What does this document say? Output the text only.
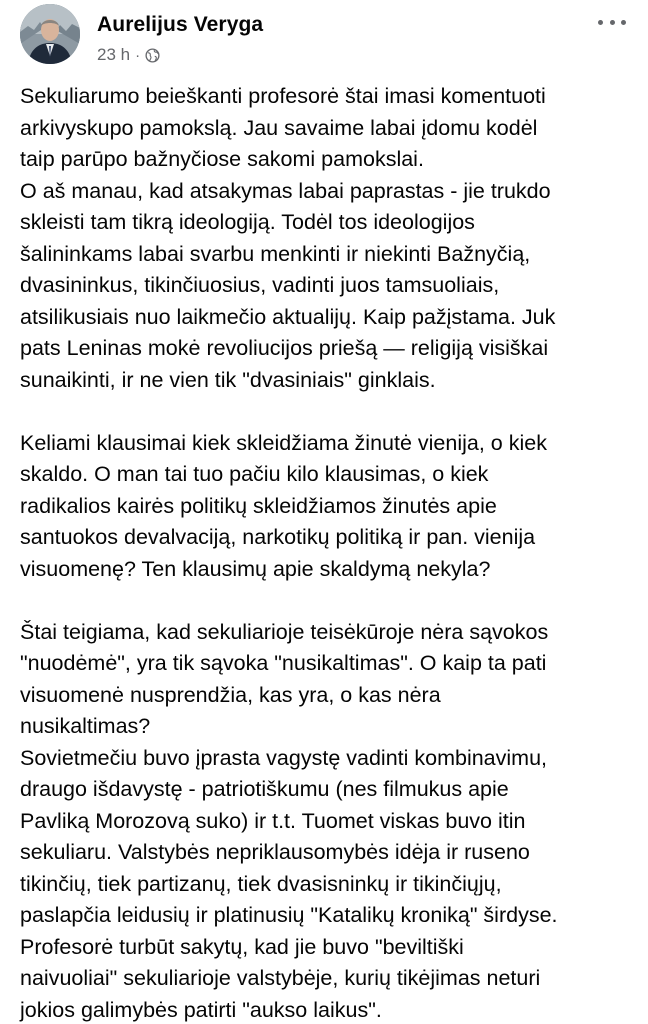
Aurelijus Veryga
23 h ·
Sekuliarumo beieškanti profesorė štai imasi komentuoti
arkivyskupo pamokslą. Jau savaime labai įdomu kodėl
taip parūpo bažnyčiose sakomi pamokslai.
O aš manau, kad atsakymas labai paprastas - jie trukdo
skleisti tam tikrą ideologiją. Todėl tos ideologijos
šalininkams labai svarbu menkinti ir niekinti Bažnyčią,
dvasininkus, tikinčiuosius, vadinti juos tamsuoliais,
atsilikusiais nuo laikmečio aktualijų. Kaip pažįstama. Juk
pats Leninas mokė revoliucijos priešą — religiją visiškai
sunaikinti, ir ne vien tik "dvasiniais" ginklais.
Keliami klausimai kiek skleidžiama žinutė vienija, o kiek
skaldo. O man tai tuo pačiu kilo klausimas, o kiek
radikalios kairės politikų skleidžiamos žinutės apie
santuokos devalvaciją, narkotikų politiką ir pan. vienija
visuomenę? Ten klausimų apie skaldymą nekyla?
Štai teigiama, kad sekuliarioje teisėkūroje nėra sąvokos
"nuodėmė", yra tik sąvoka "nusikaltimas". O kaip ta pati
visuomenė nusprendžia, kas yra, o kas nėra
nusikaltimas?
Sovietmečiu buvo įprasta vagystę vadinti kombinavimu,
draugo išdavystę - patriotiškumu (nes filmukus apie
Pavliką Morozovą suko) ir t.t. Tuomet viskas buvo itin
sekuliaru. Valstybės nepriklausomybės idėja ir ruseno
tikinčių, tiek partizanų, tiek dvasisninkų ir tikinčiųjų,
paslapčia leidusių ir platinusių "Katalikų kroniką" širdyse.
Profesorė turbūt sakytų, kad jie buvo "beviltiški
naivuoliai" sekuliarioje valstybėje, kurių tikėjimas neturi
jokios galimybės patirti "aukso laikus".
